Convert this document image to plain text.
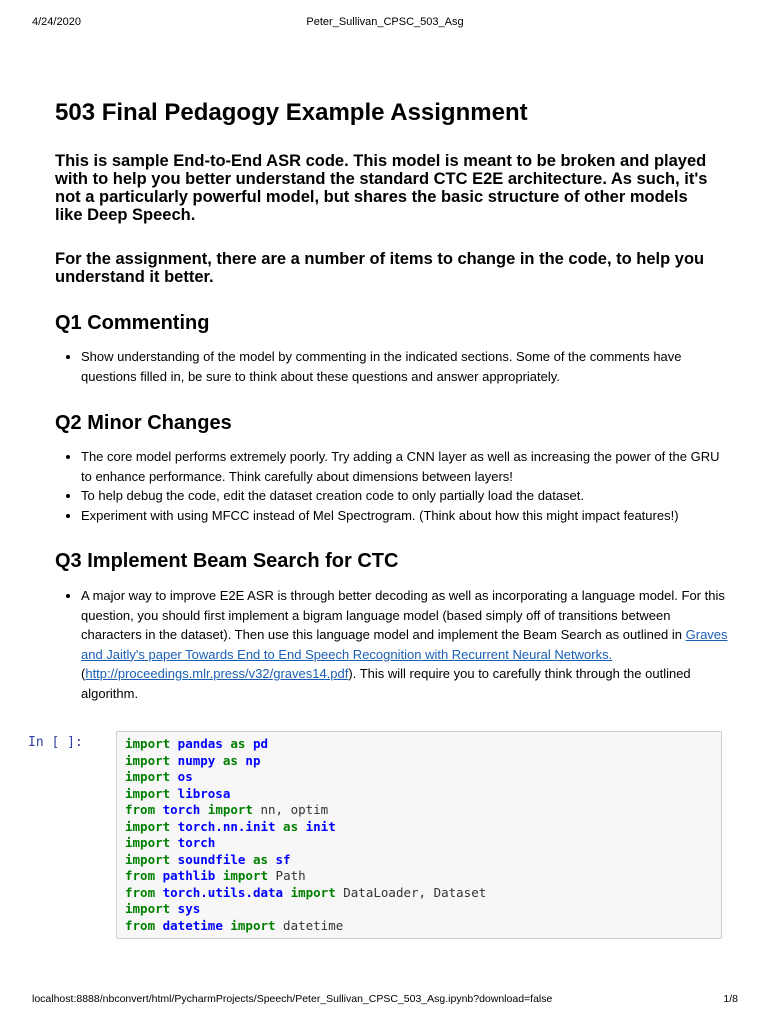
4/24/2020	Peter_Sullivan_CPSC_503_Asg
503 Final Pedagogy Example Assignment

This is sample End-to-End ASR code. This model is meant to be broken and played with to help you better understand the standard CTC E2E architecture. As such, it's not a particularly powerful model, but shares the basic structure of other models like Deep Speech.

For the assignment, there are a number of items to change in the code, to help you understand it better.

Q1 Commenting
• Show understanding of the model by commenting in the indicated sections. Some of the comments have questions filled in, be sure to think about these questions and answer appropriately.
Q2 Minor Changes
• The core model performs extremely poorly. Try adding a CNN layer as well as increasing the power of the GRU to enhance performance. Think carefully about dimensions between layers!
• To help debug the code, edit the dataset creation code to only partially load the dataset.
• Experiment with using MFCC instead of Mel Spectrogram. (Think about how this might impact features!)
Q3 Implement Beam Search for CTC
• A major way to improve E2E ASR is through better decoding as well as incorporating a language model. For this question, you should first implement a bigram language model (based simply off of transitions between characters in the dataset). Then use this language model and implement the Beam Search as outlined in Graves and Jaitly's paper Towards End to End Speech Recognition with Recurrent Neural Networks.
(http://proceedings.mlr.press/v32/graves14.pdf). This will require you to carefully think through the outlined algorithm.
In [ ]:	import pandas as pd
import numpy as np
import os
import librosa
from torch import nn, optim
import torch.nn.init as init
import torch
import soundfile as sf
from pathlib import Path
from torch.utils.data import DataLoader, Dataset
import sys
from datetime import datetime
localhost:8888/nbconvert/html/PycharmProjects/Speech/Peter_Sullivan_CPSC_503_Asg.ipynb?download=false	1/8
